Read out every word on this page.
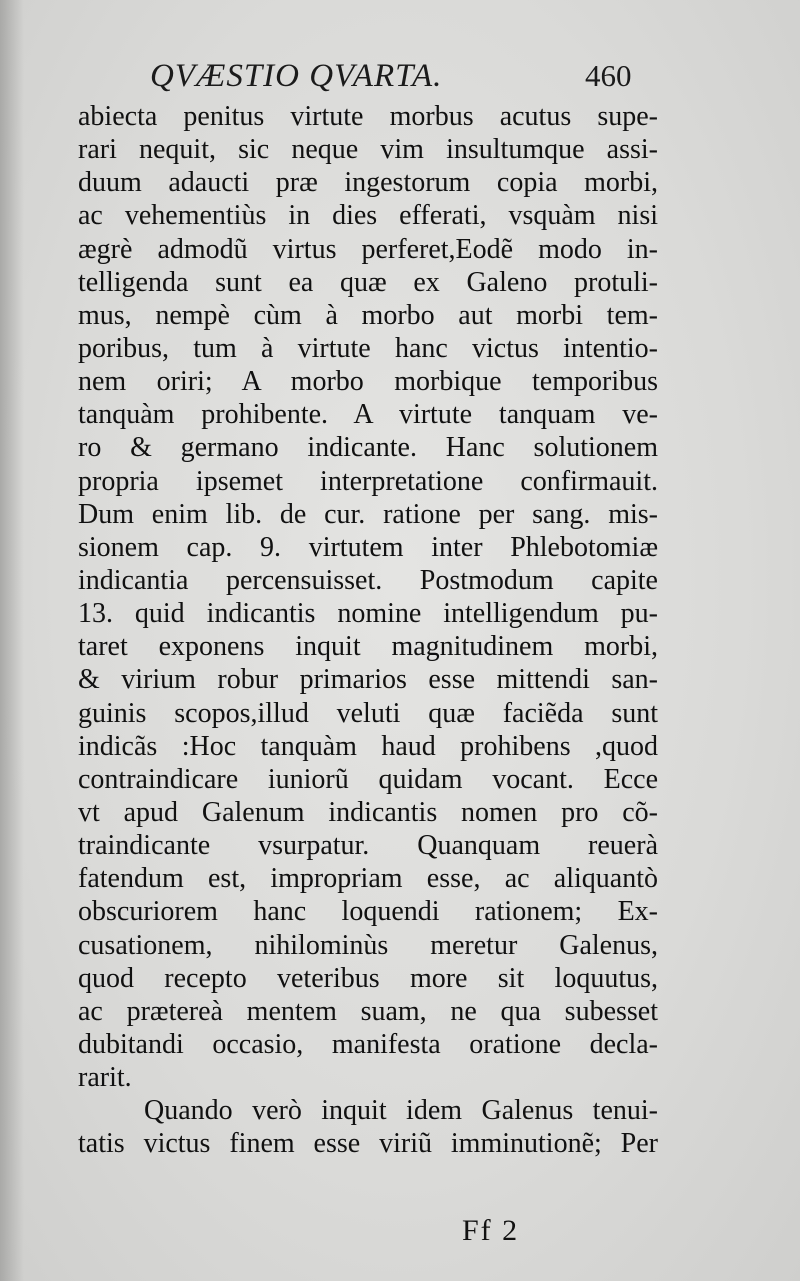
QVÆSTIO QVARTA.	460
abiecta penitus virtute morbus acutus supe-
rari nequit, sic neque vim insultumque assi-
duum adaucti præ ingestorum copia morbi,
ac vehementiùs in dies efferati, vsquàm nisi
ægrè admodũ virtus perferet,Eodẽ modo in-
telligenda sunt ea quæ ex Galeno protuli-
mus, nempè cùm à morbo aut morbi tem-
poribus, tum à virtute hanc victus intentio-
nem oriri; A morbo morbique temporibus
tanquàm prohibente. A virtute tanquam ve-
ro & germano indicante. Hanc solutionem
propria ipsemet interpretatione confirmauit.
Dum enim lib. de cur. ratione per sang. mis-
sionem cap. 9. virtutem inter Phlebotomiæ
indicantia percensuisset. Postmodum capite
13. quid indicantis nomine intelligendum pu-
taret exponens inquit magnitudinem morbi,
& virium robur primarios esse mittendi san-
guinis scopos,illud veluti quæ faciẽda sunt
indicãs :Hoc tanquàm haud prohibens ,quod
contraindicare iuniorũ quidam vocant. Ecce
vt apud Galenum indicantis nomen pro cõ-
traindicante vsurpatur. Quanquam reuerà
fatendum est, impropriam esse, ac aliquantò
obscuriorem hanc loquendi rationem; Ex-
cusationem, nihilominùs meretur Galenus,
quod recepto veteribus more sit loquutus,
ac prætereà mentem suam, ne qua subesset
dubitandi occasio, manifesta oratione decla-
rarit.
Quando verò inquit idem Galenus tenui-
tatis victus finem esse viriũ imminutionẽ; Per
Ff 2
